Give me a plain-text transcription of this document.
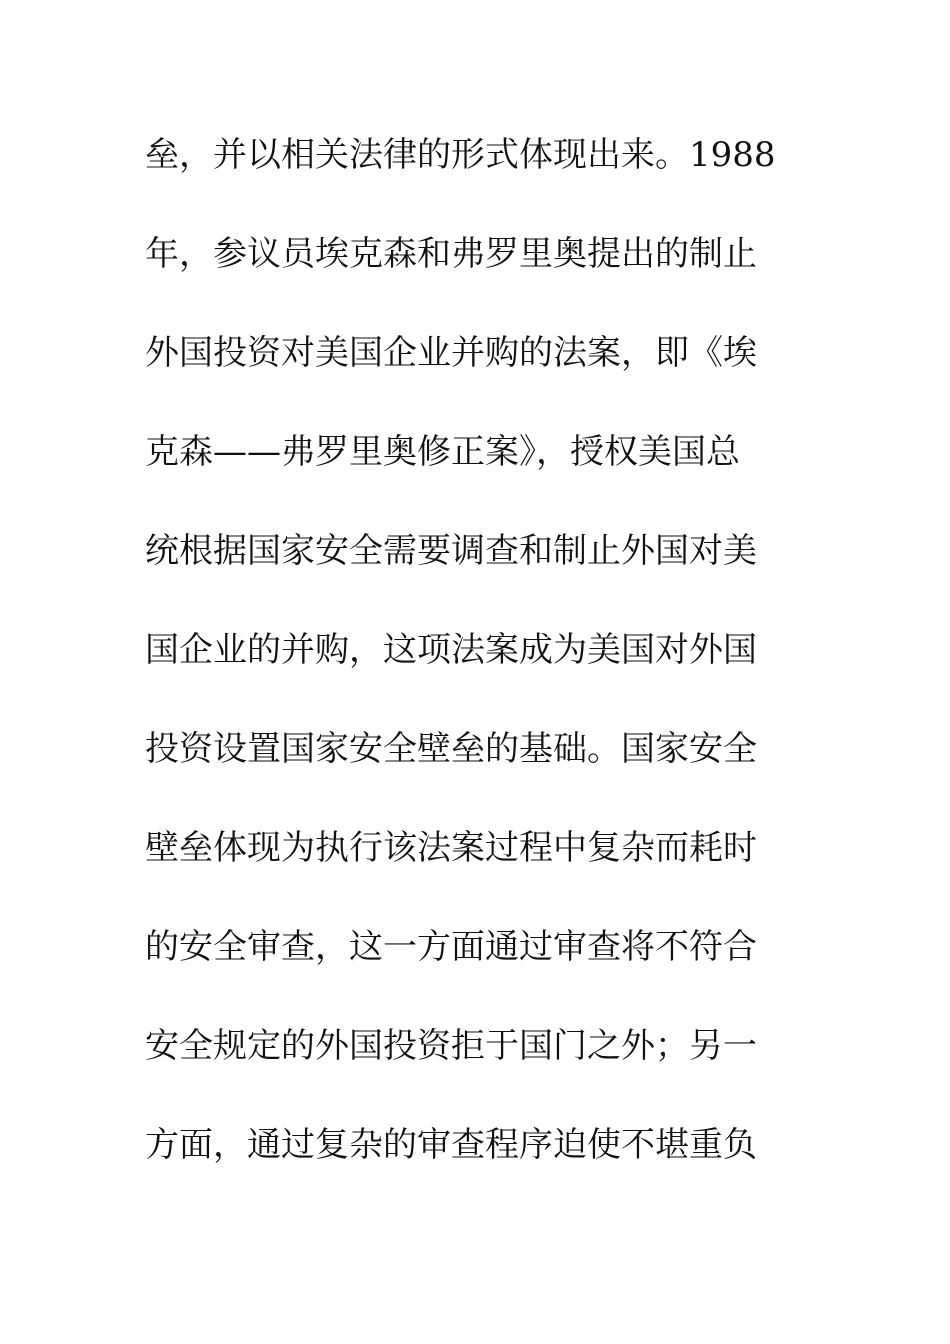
垒，并以相关法律的形式体现出来。1988
年，参议员埃克森和弗罗里奥提出的制止
外国投资对美国企业并购的法案，即《埃
克森——弗罗里奥修正案》，授权美国总
统根据国家安全需要调查和制止外国对美
国企业的并购，这项法案成为美国对外国
投资设置国家安全壁垒的基础。国家安全
壁垒体现为执行该法案过程中复杂而耗时
的安全审查，这一方面通过审查将不符合
安全规定的外国投资拒于国门之外；另一
方面，通过复杂的审查程序迫使不堪重负
